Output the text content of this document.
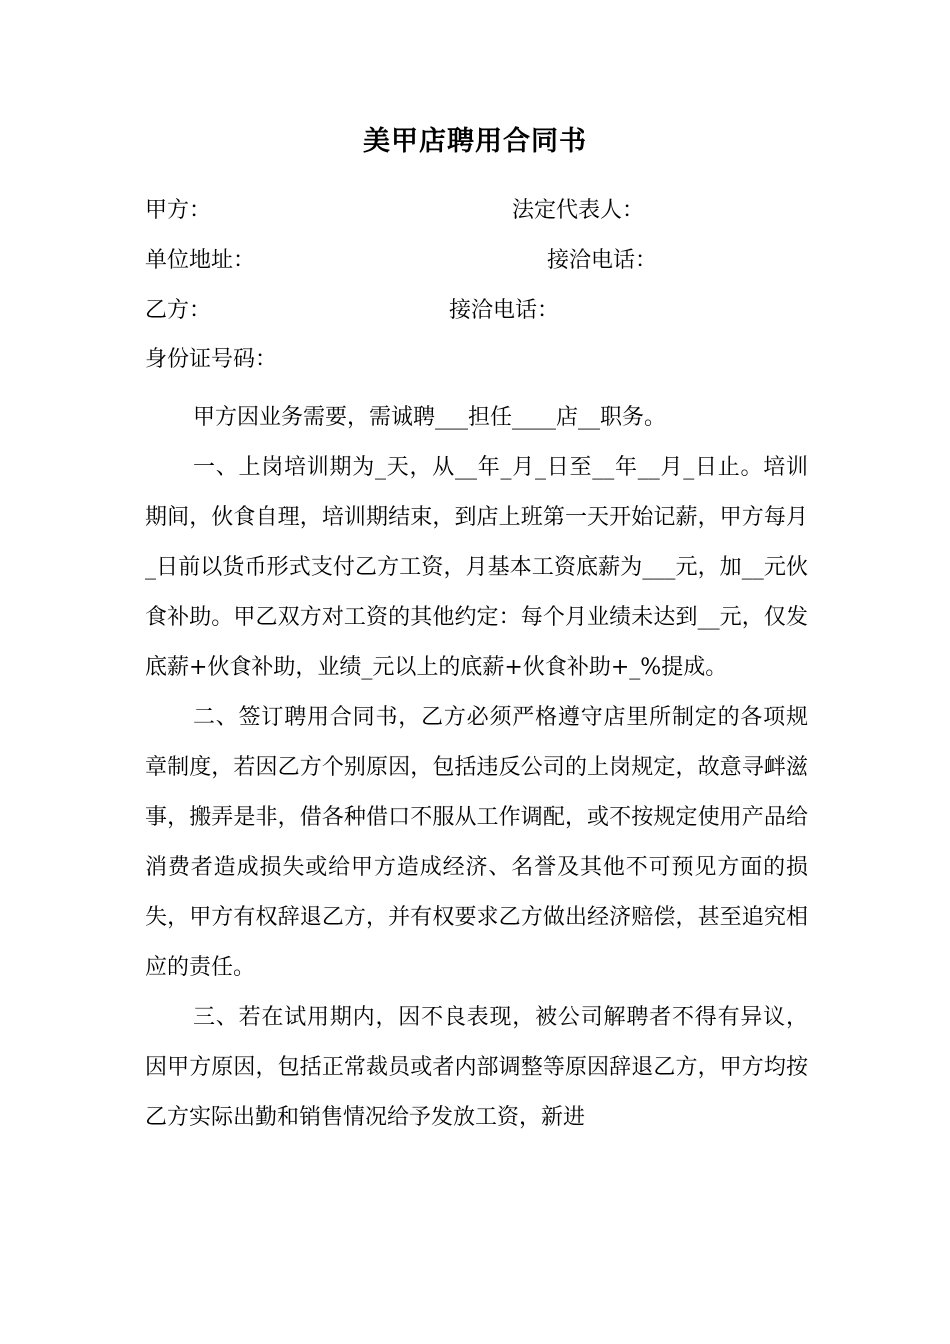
美甲店聘用合同书
甲方：	法定代表人：
单位地址：	接洽电话：
乙方：	接洽电话：
身份证号码：

甲方因业务需要，需诚聘___担任____店__职务。

一、上岗培训期为_天，从__年_月_日至__年__月_日止。培训期间，伙食自理，培训期结束，到店上班第一天开始记薪，甲方每月_日前以货币形式支付乙方工资，月基本工资底薪为___元，加__元伙食补助。甲乙双方对工资的其他约定：每个月业绩未达到__元，仅发底薪+伙食补助，业绩_元以上的底薪+伙食补助+_%提成。

二、签订聘用合同书，乙方必须严格遵守店里所制定的各项规章制度，若因乙方个别原因，包括违反公司的上岗规定，故意寻衅滋事，搬弄是非，借各种借口不服从工作调配，或不按规定使用产品给消费者造成损失或给甲方造成经济、名誉及其他不可预见方面的损失，甲方有权辞退乙方，并有权要求乙方做出经济赔偿，甚至追究相应的责任。

三、若在试用期内，因不良表现，被公司解聘者不得有异议，因甲方原因，包括正常裁员或者内部调整等原因辞退乙方，甲方均按乙方实际出勤和销售情况给予发放工资，新进
